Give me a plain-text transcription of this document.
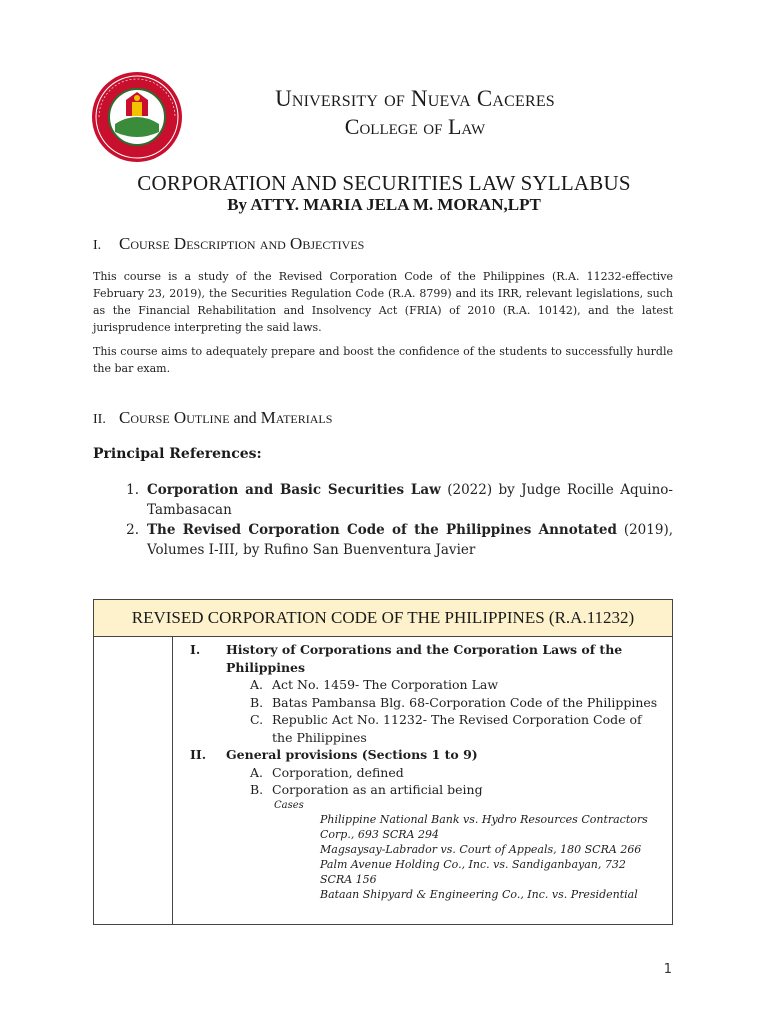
University of Nueva Caceres
College of Law
CORPORATION AND SECURITIES LAW SYLLABUS
By ATTY. MARIA JELA M. MORAN,LPT
I. Course Description and Objectives
This course is a study of the Revised Corporation Code of the Philippines (R.A. 11232-effective February 23, 2019), the Securities Regulation Code (R.A. 8799) and its IRR, relevant legislations, such as the Financial Rehabilitation and Insolvency Act (FRIA) of 2010 (R.A. 10142), and the latest jurisprudence interpreting the said laws.
This course aims to adequately prepare and boost the confidence of the students to successfully hurdle the bar exam.
II. Course Outline and Materials
Principal References:
1. Corporation and Basic Securities Law (2022) by Judge Rocille Aquino-Tambasacan
2. The Revised Corporation Code of the Philippines Annotated (2019), Volumes I-III, by Rufino San Buenventura Javier
REVISED CORPORATION CODE OF THE PHILIPPINES (R.A.11232)
I.	History of Corporations and the Corporation Laws of the Philippines
A. Act No. 1459- The Corporation Law
B. Batas Pambansa Blg. 68-Corporation Code of the Philippines
C. Republic Act No. 11232- The Revised Corporation Code of the Philippines
II.	General provisions (Sections 1 to 9)
A. Corporation, defined
B. Corporation as an artificial being
Cases
Philippine National Bank vs. Hydro Resources Contractors Corp., 693 SCRA 294
Magsaysay-Labrador vs. Court of Appeals, 180 SCRA 266
Palm Avenue Holding Co., Inc. vs. Sandiganbayan, 732 SCRA 156
Bataan Shipyard & Engineering Co., Inc. vs. Presidential
1
